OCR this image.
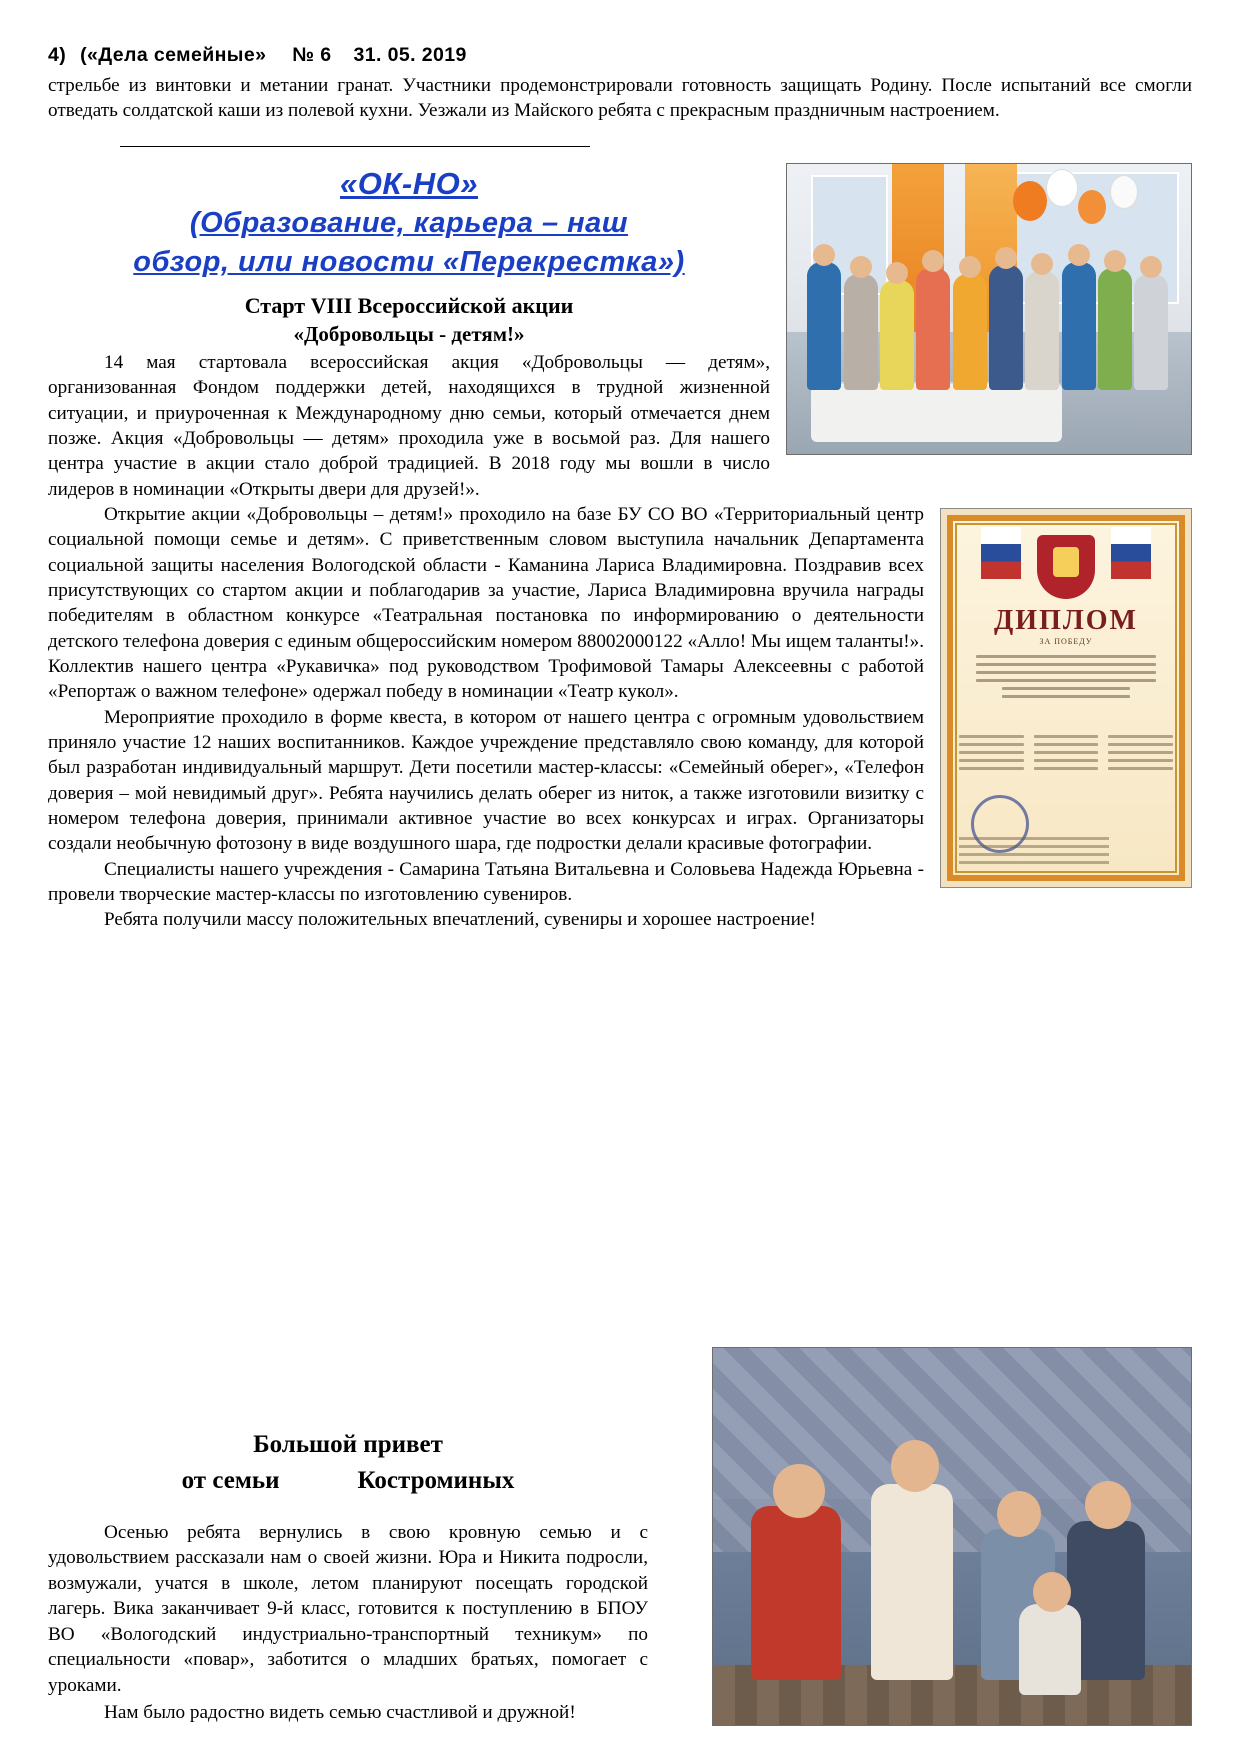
4) («Дела семейные» № 6 31. 05. 2019

стрельбе из винтовки и метании гранат. Участники продемонстрировали готовность защищать Родину. После испытаний все смогли отведать солдатской каши из полевой кухни. Уезжали из Майского ребята с прекрасным праздничным настроением.

«ОК-НО»
(Образование, карьера – наш
обзор, или новости «Перекрестка»)
Старт VIII Всероссийской акции
«Добровольцы - детям!»

14 мая стартовала всероссийская акция «Добровольцы — детям», организованная Фондом поддержки детей, находящихся в трудной жизненной ситуации, и приуроченная к Международному дню семьи, который отмечается днем позже. Акция «Добровольцы — детям» проходила уже в восьмой раз. Для нашего центра участие в акции стало доброй традицией. В 2018 году мы вошли в число лидеров в номинации «Открыты двери для друзей!».

ДИПЛОМ
ЗА ПОБЕДУ

Открытие акции «Добровольцы – детям!» проходило на базе БУ СО ВО «Территориальный центр социальной помощи семье и детям». С приветственным словом выступила начальник Департамента социальной защиты населения Вологодской области - Каманина Лариса Владимировна. Поздравив всех присутствующих со стартом акции и поблагодарив за участие, Лариса Владимировна вручила награды победителям в областном конкурсе «Театральная постановка по информированию о деятельности детского телефона доверия с единым общероссийским номером 88002000122 «Алло! Мы ищем таланты!». Коллектив нашего центра «Рукавичка» под руководством Трофимовой Тамары Алексеевны с работой «Репортаж о важном телефоне» одержал победу в номинации «Театр кукол».

Мероприятие проходило в форме квеста, в котором от нашего центра с огромным удовольствием приняло участие 12 наших воспитанников. Каждое учреждение представляло свою команду, для которой был разработан индивидуальный маршрут. Дети посетили мастер-классы: «Семейный оберег», «Телефон доверия – мой невидимый друг». Ребята научились делать оберег из ниток, а также изготовили визитку с номером телефона доверия, принимали активное участие во всех конкурсах и играх. Организаторы создали необычную фотозону в виде воздушного шара, где подростки делали красивые фотографии.

Специалисты нашего учреждения - Самарина Татьяна Витальевна и Соловьева Надежда Юрьевна - провели творческие мастер-классы по изготовлению сувениров.

Ребята получили массу положительных впечатлений, сувениры и хорошее настроение!

Большой привет
от семьи	Костроминых

Осенью ребята вернулись в свою кровную семью и с удовольствием рассказали нам о своей жизни. Юра и Никита подросли, возмужали, учатся в школе, летом планируют посещать городской лагерь. Вика заканчивает 9-й класс, готовится к поступлению в БПОУ ВО «Вологодский индустриально-транспортный техникум» по специальности «повар», заботится о младших братьях, помогает с уроками.

Нам было радостно видеть семью счастливой и дружной!
